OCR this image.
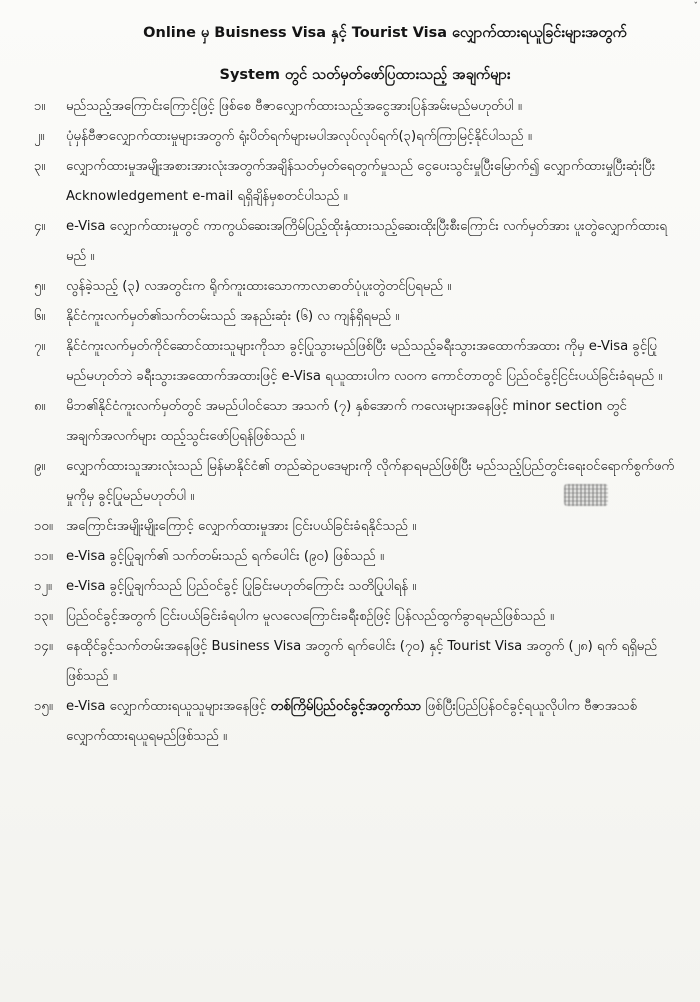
ˇ
Online မှ Buisness Visa နှင့် Tourist Visa လျှောက်ထားရယူခြင်းများအတွက်
System တွင် သတ်မှတ်ဖော်ပြထားသည့် အချက်များ
၁။	မည်သည့်အကြောင်းကြောင့်ဖြင့် ဖြစ်စေ ဗီဇာလျှောက်ထားသည့်အငွေအားပြန်အမ်းမည်မဟုတ်ပါ ။
၂။	ပုံမှန်ဗီဇာလျှောက်ထားမှုများအတွက် ရုံးပိတ်ရက်များမပါအလုပ်လုပ်ရက်(၃)ရက်ကြာမြင့်နိုင်ပါသည် ။
၃။	လျှောက်ထားမှုအမျိုးအစားအားလုံးအတွက်အချိန်သတ်မှတ်ရေတွက်မှုသည် ငွေပေးသွင်းမှုပြီးမြောက်၍ လျှောက်ထားမှုပြီးဆုံးပြီး Acknowledgement e-mail ရရှိချိန်မှစတင်ပါသည် ။
၄။	e-Visa လျှောက်ထားမှုတွင် ကာကွယ်ဆေးအကြိမ်ပြည့်ထိုးနှံထားသည့်ဆေးထိုးပြီးစီးကြောင်း လက်မှတ်အား ပူးတွဲလျှောက်ထားရမည် ။
၅။	လွန်ခဲ့သည့် (၃) လအတွင်းက ရိုက်ကူးထားသောကာလာဓာတ်ပုံပူးတွဲတင်ပြရမည် ။
၆။	နိုင်ငံကူးလက်မှတ်၏သက်တမ်းသည် အနည်းဆုံး (၆) လ ကျန်ရှိရမည် ။
၇။	နိုင်ငံကူးလက်မှတ်ကိုင်ဆောင်ထားသူများကိုသာ ခွင့်ပြုသွားမည်ဖြစ်ပြီး မည်သည့်ခရီးသွားအထောက်အထား ကိုမှ e-Visa ခွင့်ပြုမည်မဟုတ်ဘဲ ခရီးသွားအထောက်အထားဖြင့် e-Visa ရယူထားပါက လဝက ကောင်တာတွင် ပြည်ဝင်ခွင့်ငြင်းပယ်ခြင်းခံရမည် ။
၈။	မိဘ၏နိုင်ငံကူးလက်မှတ်တွင် အမည်ပါဝင်သော အသက် (၇) နှစ်အောက် ကလေးများအနေဖြင့် minor section တွင် အချက်အလက်များ ထည့်သွင်းဖော်ပြရန်ဖြစ်သည် ။
၉။	လျှောက်ထားသူအားလုံးသည် မြန်မာနိုင်ငံ၏ တည်ဆဲဥပဒေများကို လိုက်နာရမည်ဖြစ်ပြီး မည်သည့်ပြည်တွင်းရေးဝင်ရောက်စွက်ဖက်မှုကိုမှ ခွင့်ပြုမည်မဟုတ်ပါ ။
၁၀။ အကြောင်းအမျိုးမျိုးကြောင့် လျှောက်ထားမှုအား ငြင်းပယ်ခြင်းခံရနိုင်သည် ။
၁၁။ e-Visa ခွင့်ပြုချက်၏ သက်တမ်းသည် ရက်ပေါင်း (၉၀) ဖြစ်သည် ။
၁၂။	e-Visa ခွင့်ပြုချက်သည် ပြည်ဝင်ခွင့် ပြုခြင်းမဟုတ်ကြောင်း သတိပြုပါရန် ။
၁၃။ ပြည်ဝင်ခွင့်အတွက် ငြင်းပယ်ခြင်းခံရပါက မူလလေကြောင်းခရီးစဉ်ဖြင့် ပြန်လည်ထွက်ခွာရမည်ဖြစ်သည် ။
၁၄။ နေထိုင်ခွင့်သက်တမ်းအနေဖြင့် Business Visa အတွက် ရက်ပေါင်း (၇၀) နှင့် Tourist Visa အတွက် (၂၈) ရက် ရရှိမည်ဖြစ်သည် ။
၁၅။ e-Visa လျှောက်ထားရယူသူများအနေဖြင့် တစ်ကြိမ်ပြည်ဝင်ခွင့်အတွက်သာ ဖြစ်ပြီးပြည်ပြန်ဝင်ခွင့်ရယူလိုပါက ဗီဇာအသစ် လျှောက်ထားရယူရမည်ဖြစ်သည် ။
